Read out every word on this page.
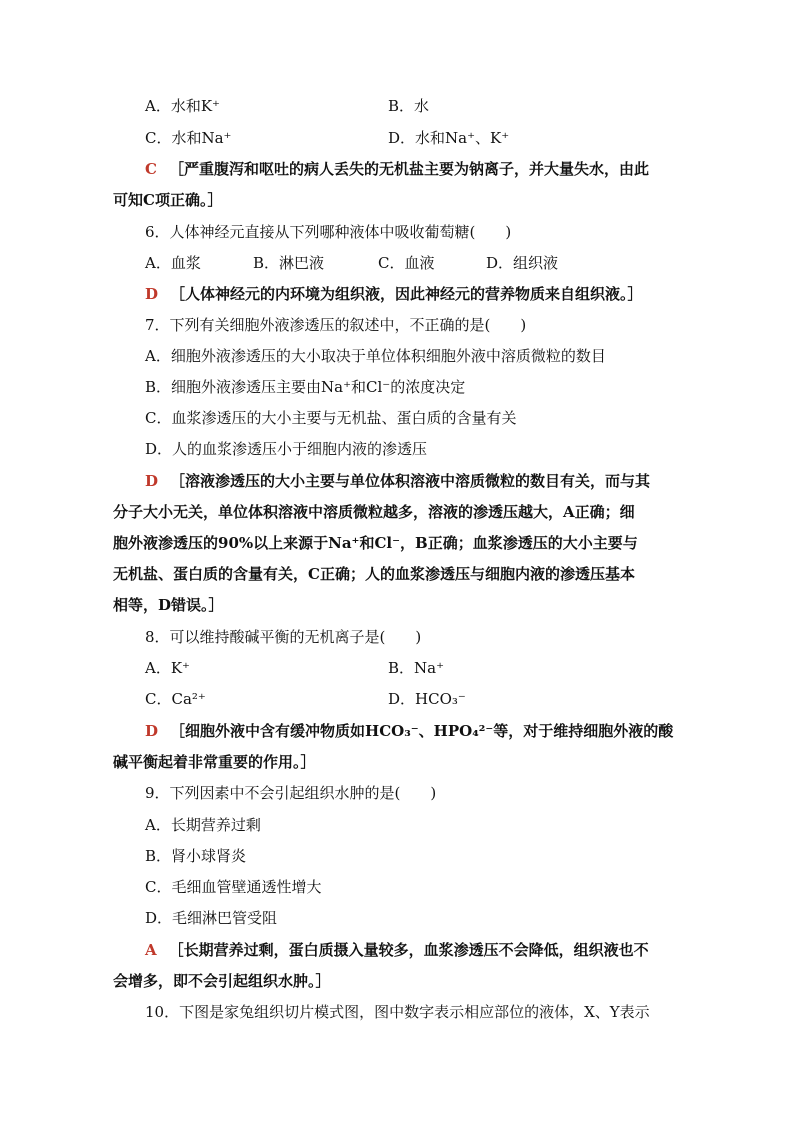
A．水和K⁺	B．水
C．水和Na⁺	D．水和Na⁺、K⁺
C ［严重腹泻和呕吐的病人丢失的无机盐主要为钠离子，并大量失水，由此
可知C项正确。］
6．人体神经元直接从下列哪种液体中吸收葡萄糖(　　)
A．血浆	B．淋巴液	C．血液	D．组织液
D ［人体神经元的内环境为组织液，因此神经元的营养物质来自组织液。］
7．下列有关细胞外液渗透压的叙述中，不正确的是(　　)
A．细胞外液渗透压的大小取决于单位体积细胞外液中溶质微粒的数目
B．细胞外液渗透压主要由Na⁺和Cl⁻的浓度决定
C．血浆渗透压的大小主要与无机盐、蛋白质的含量有关
D．人的血浆渗透压小于细胞内液的渗透压
D ［溶液渗透压的大小主要与单位体积溶液中溶质微粒的数目有关，而与其
分子大小无关，单位体积溶液中溶质微粒越多，溶液的渗透压越大，A正确；细
胞外液渗透压的90%以上来源于Na⁺和Cl⁻，B正确；血浆渗透压的大小主要与
无机盐、蛋白质的含量有关，C正确；人的血浆渗透压与细胞内液的渗透压基本
相等，D错误。］
8．可以维持酸碱平衡的无机离子是(　　)
A．K⁺	B．Na⁺
C．Ca²⁺	D．HCO₃⁻
D ［细胞外液中含有缓冲物质如HCO₃⁻、HPO₄²⁻等，对于维持细胞外液的酸
碱平衡起着非常重要的作用。］
9．下列因素中不会引起组织水肿的是(　　)
A．长期营养过剩
B．肾小球肾炎
C．毛细血管壁通透性增大
D．毛细淋巴管受阻
A ［长期营养过剩，蛋白质摄入量较多，血浆渗透压不会降低，组织液也不
会增多，即不会引起组织水肿。］
10．下图是家兔组织切片模式图，图中数字表示相应部位的液体，X、Y表示
